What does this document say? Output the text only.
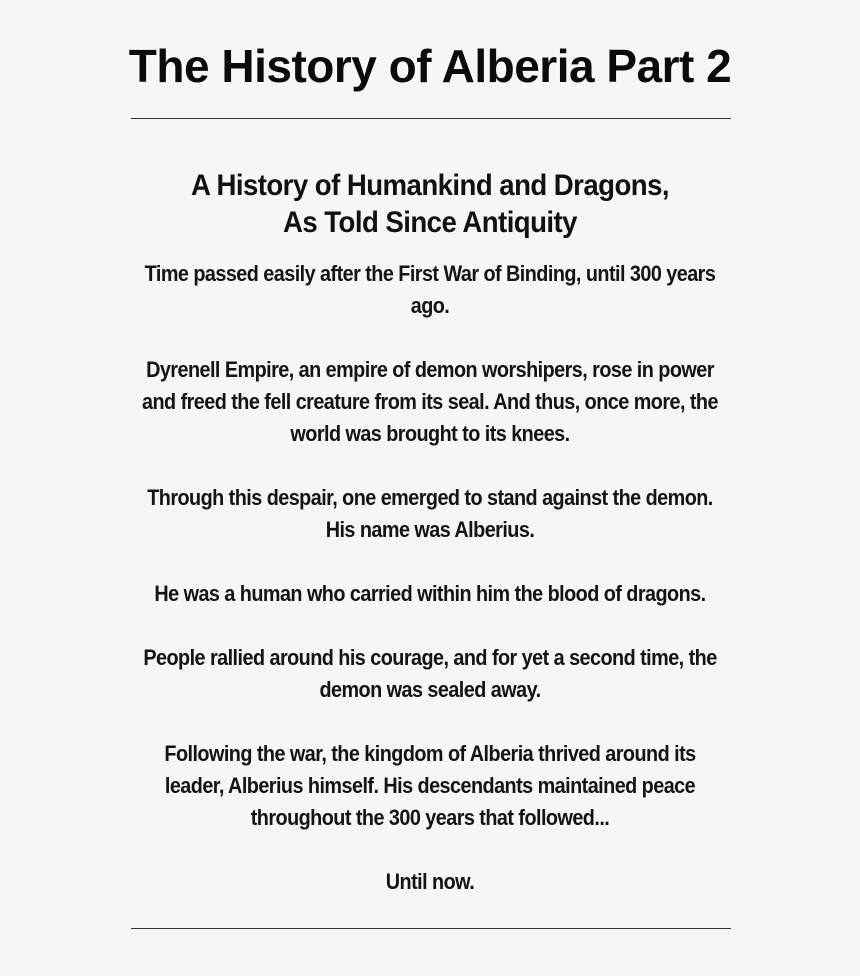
The History of Alberia Part 2
A History of Humankind and Dragons,
As Told Since Antiquity

Time passed easily after the First War of Binding, until 300 years ago.

Dyrenell Empire, an empire of demon worshipers, rose in power and freed the fell creature from its seal. And thus, once more, the world was brought to its knees.

Through this despair, one emerged to stand against the demon. His name was Alberius.

He was a human who carried within him the blood of dragons.

People rallied around his courage, and for yet a second time, the demon was sealed away.

Following the war, the kingdom of Alberia thrived around its leader, Alberius himself. His descendants maintained peace throughout the 300 years that followed...

Until now.
